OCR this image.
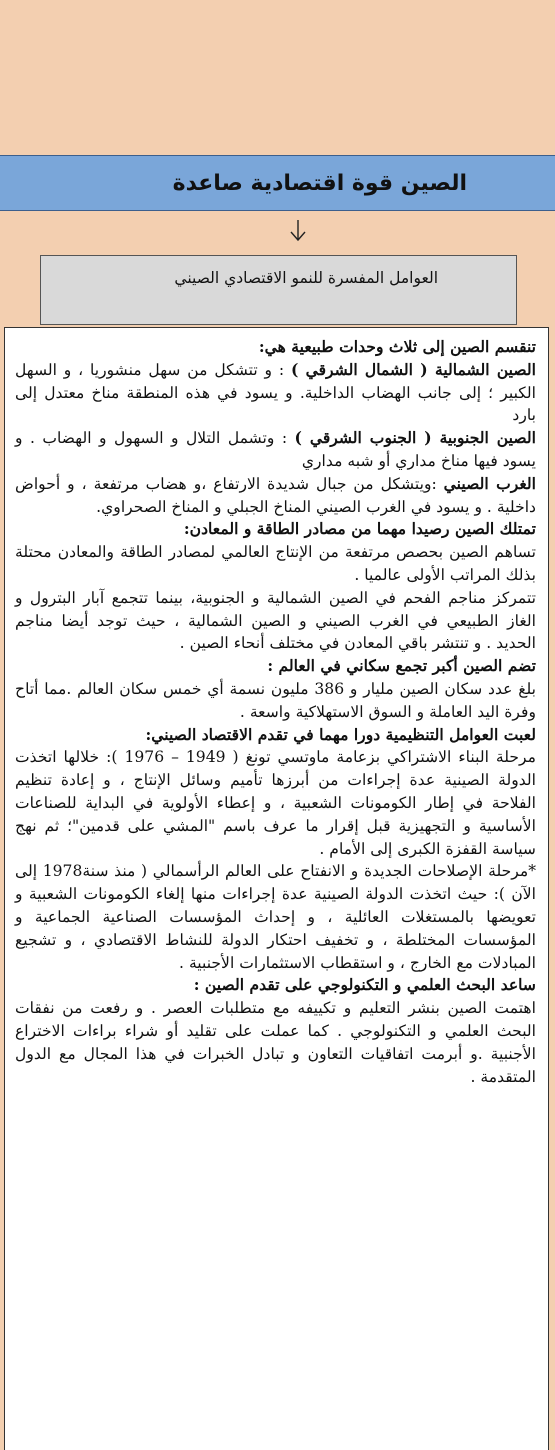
الصين قوة اقتصادية صاعدة
العوامل المفسرة للنمو الاقتصادي الصيني

تنقسم الصين إلى ثلاث وحدات طبيعية هي:

الصين الشمالية ( الشمال الشرقي ) : و تتشكل من سهل منشوريا ، و السهل الكبير ؛ إلى جانب الهضاب الداخلية. و يسود في هذه المنطقة مناخ معتدل إلى بارد

الصين الجنوبية ( الجنوب الشرقي ) : وتشمل التلال و السهول و الهضاب . و يسود فيها مناخ مداري أو شبه مداري

الغرب الصيني :ويتشكل من جبال شديدة الارتفاع ،و هضاب مرتفعة ، و أحواض داخلية . و يسود في الغرب الصيني المناخ الجبلي و المناخ الصحراوي.

تمتلك الصين رصيدا مهما من مصادر الطاقة و المعادن:

تساهم الصين بحصص مرتفعة من الإنتاج العالمي لمصادر الطاقة والمعادن محتلة بذلك المراتب الأولى عالميا .

تتمركز مناجم الفحم في الصين الشمالية و الجنوبية، بينما تتجمع آبار البترول و الغاز الطبيعي في الغرب الصيني و الصين الشمالية ، حيث توجد أيضا مناجم الحديد . و تنتشر باقي المعادن في مختلف أنحاء الصين .

تضم الصين أكبر تجمع سكاني في العالم :

بلغ عدد سكان الصين مليار و 386 مليون نسمة أي خمس سكان العالم .مما أتاح وفرة اليد العاملة و السوق الاستهلاكية واسعة .

لعبت العوامل التنظيمية دورا مهما في تقدم الاقتصاد الصيني:

مرحلة البناء الاشتراكي بزعامة ماوتسي تونغ ( 1949 – 1976 ): خلالها اتخذت الدولة الصينية عدة إجراءات من أبرزها تأميم وسائل الإنتاج ، و إعادة تنظيم الفلاحة في إطار الكومونات الشعبية ، و إعطاء الأولوية في البداية للصناعات الأساسية و التجهيزية قبل إقرار ما عرف باسم "المشي على قدمين"؛ ثم نهج سياسة القفزة الكبرى إلى الأمام .

*مرحلة الإصلاحات الجديدة و الانفتاح على العالم الرأسمالي ( منذ سنة1978 إلى الآن ): حيث اتخذت الدولة الصينية عدة إجراءات منها إلغاء الكومونات الشعبية و تعويضها بالمستغلات العائلية ، و إحداث المؤسسات الصناعية الجماعية و المؤسسات المختلطة ، و تخفيف احتكار الدولة للنشاط الاقتصادي ، و تشجيع المبادلات مع الخارج ، و استقطاب الاستثمارات الأجنبية .

ساعد البحث العلمي و التكنولوجي على تقدم الصين :

اهتمت الصين بنشر التعليم و تكييفه مع متطلبات العصر . و رفعت من نفقات البحث العلمي و التكنولوجي . كما عملت على تقليد أو شراء براءات الاختراع الأجنبية .و أبرمت اتفاقيات التعاون و تبادل الخبرات في هذا المجال مع الدول المتقدمة .
